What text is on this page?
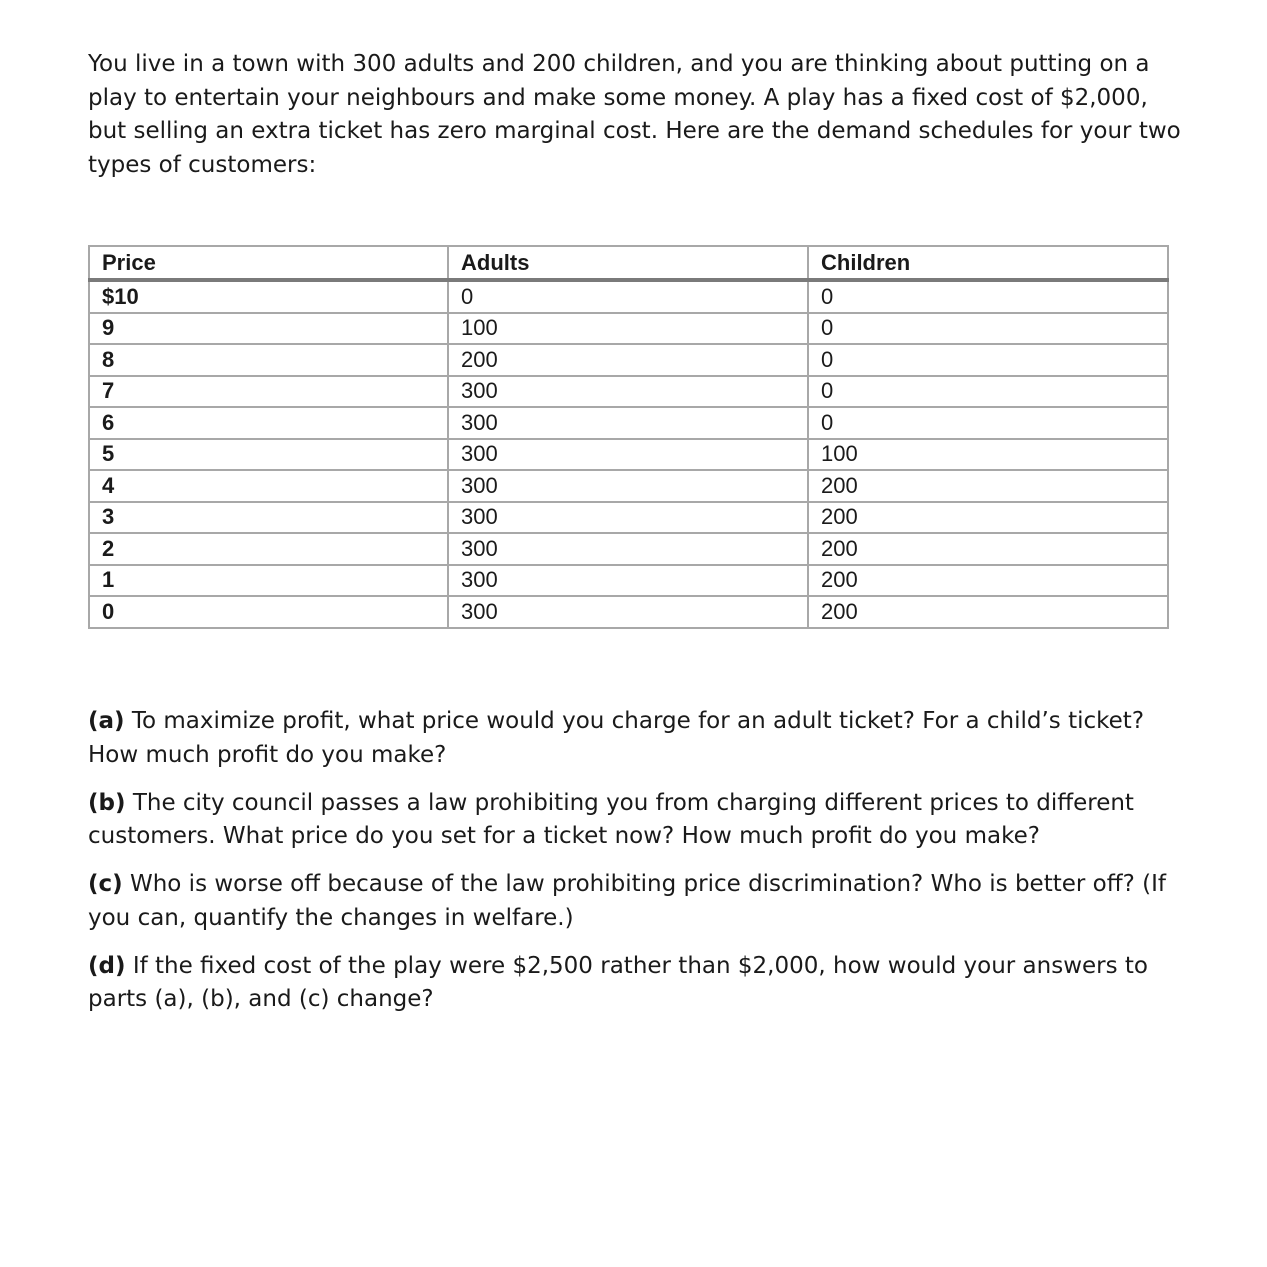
You live in a town with 300 adults and 200 children, and you are thinking about putting on a play to entertain your neighbours and make some money. A play has a fixed cost of $2,000, but selling an extra ticket has zero marginal cost. Here are the demand schedules for your two types of customers:

Price	Adults	Children
$10	0	0
9	100	0
8	200	0
7	300	0
6	300	0
5	300	100
4	300	200
3	300	200
2	300	200
1	300	200
0	300	200

(a) To maximize profit, what price would you charge for an adult ticket? For a child’s ticket? How much profit do you make?

(b) The city council passes a law prohibiting you from charging different prices to different customers. What price do you set for a ticket now? How much profit do you make?

(c) Who is worse off because of the law prohibiting price discrimination? Who is better off? (If you can, quantify the changes in welfare.)

(d) If the fixed cost of the play were $2,500 rather than $2,000, how would your answers to parts (a), (b), and (c) change?
